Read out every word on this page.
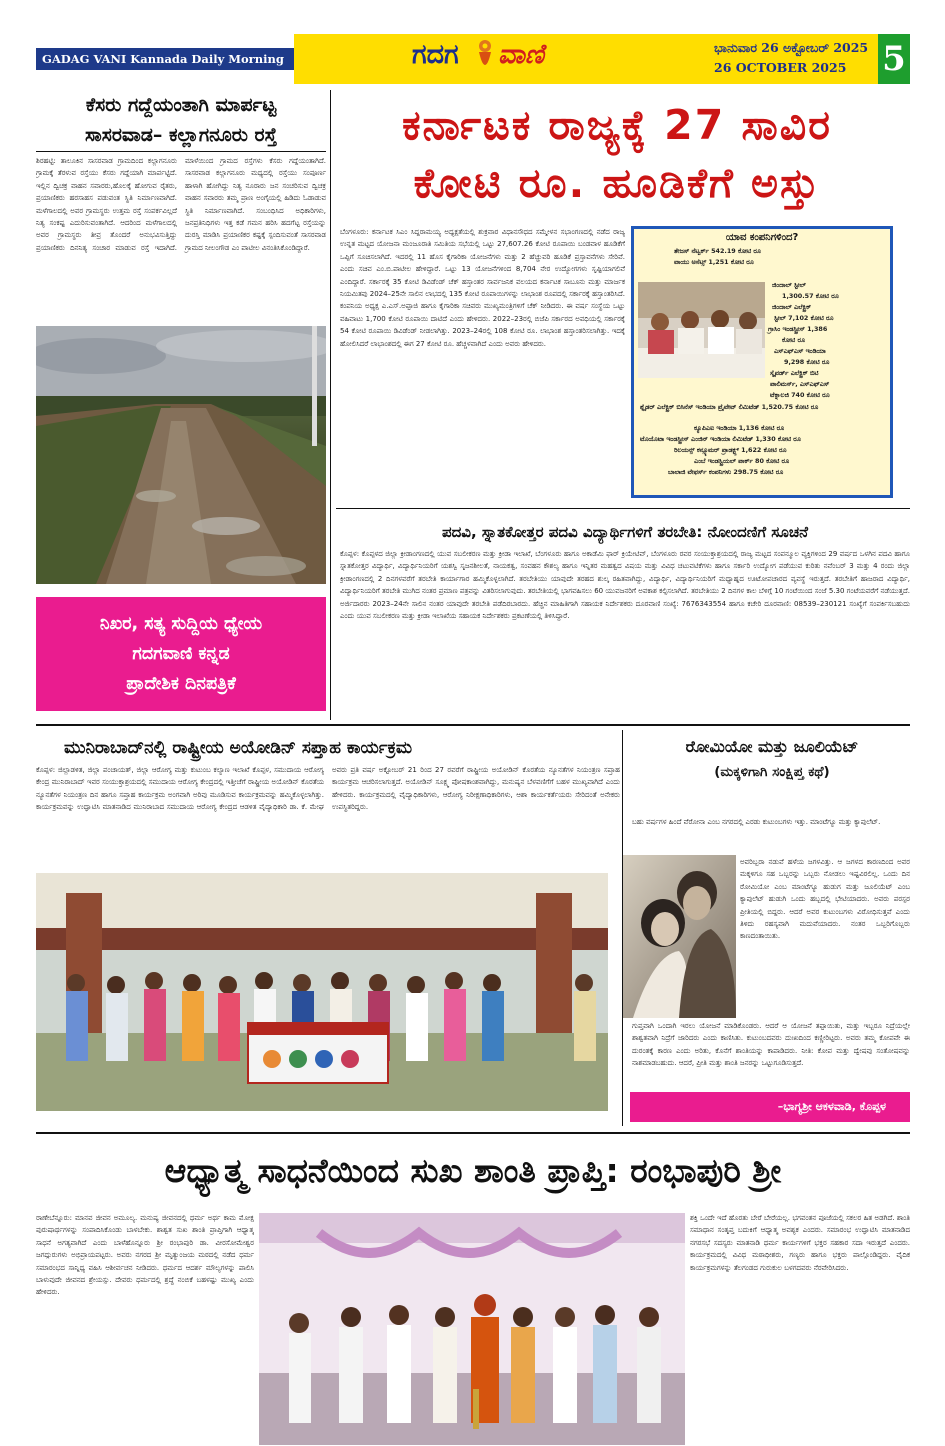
GADAG VANI Kannada Daily Morning	ಗದಗ ವಾಣಿ	ಭಾನುವಾರ 26 ಅಕ್ಟೋಬರ್ 2025
26 OCTOBER 2025	5
ಕೆಸರು ಗದ್ದೆಯಂತಾಗಿ ಮಾರ್ಪಟ್ಟ
ಸಾಸರವಾಡ– ಕಲ್ಲಾಗನೂರು ರಸ್ತೆ
ಶಿರಹಟ್ಟಿ: ತಾಲೂಕಿನ ಸಾಸರವಾಡ ಗ್ರಾಮದಿಂದ ಕಲ್ಲಾಗನೂರು ಗ್ರಾಮಕ್ಕೆ ತೆರಳುವ ರಸ್ತೆಯು ಕೆಸರು ಗದ್ದೆಯಾಗಿ ಮಾರ್ಪಟ್ಟಿದೆ. ಇಲ್ಲಿನ ದ್ವಿಚಕ್ರ ವಾಹನ ಸವಾರರು,ಹೊಲಕ್ಕೆ ಹೋಗುವ ರೈತರು, ಪ್ರಯಾಣಿಕರು ಹರಸಾಹಸ ಪಡುವಂತ ಸ್ಥಿತಿ ನಿರ್ಮಾಣವಾಗಿದೆ. ಮಳೆಗಾಲದಲ್ಲಿ ಅವರ ಗ್ರಾಮಸ್ಥರು ಉತ್ತಮ ರಸ್ತೆ ಸಂಪರ್ಕವಿಲ್ಲದೆ ನಿತ್ಯ ಸಂಕಷ್ಟ ಎದುರಿಸುವಂತಾಗಿದೆ. ಆದರಿಂದ ಮಳೆಗಾಲದಲ್ಲಿ ಅವರ ಗ್ರಾಮಸ್ಥರು ತೀವ್ರ ತೊಂದರೆ ಅನುಭವಿಸುತ್ತಿದ್ದು ಪ್ರಯಾಣಿಕರು ದಿನನಿತ್ಯ ಸಂಚಾರ ಮಾಡುವ ರಸ್ತೆ ಇದಾಗಿದೆ. ಮಾಳೆಯಿಂದ ಗ್ರಾಮದ ರಸ್ತೆಗಳು ಕೆಸರು ಗದ್ದೆಯಂತಾಗಿದೆ. ಸಾಸರವಾಡ ಕಲ್ಲಾಗನೂರು ಮಧ್ಯದಲ್ಲಿ ರಸ್ತೆಯು ಸಂಪೂರ್ಣ ಹಾಳಾಗಿ ಹೋಗಿದ್ದು ನಿತ್ಯ ನೂರಾರು ಜನ ಸಂಚರಿಸುವ ದ್ವಿಚಕ್ರ ವಾಹನ ಸವಾರರು ತಮ್ಮ ಪ್ರಾಣ ಅಂಗೈಯಲ್ಲಿ ಹಿಡಿದು ಓಡಾಡುವ ಸ್ಥಿತಿ ನಿರ್ಮಾಣವಾಗಿದೆ. ಸಂಬಂಧಿಸಿದ ಅಧಿಕಾರಿಗಳು, ಜನಪ್ರತಿನಿಧಿಗಳು ಇತ್ತ ಕಡೆ ಗಮನ ಹರಿಸಿ ಹದಗೆಟ್ಟ ರಸ್ತೆಯನ್ನು ದುರಸ್ತಿ ಮಾಡಿಸಿ ಪ್ರಯಾಣಿಕರ ಕಷ್ಟಕ್ಕೆ ಸ್ಪಂದಿಸುವಂತೆ ಸಾಸರವಾಡ ಗ್ರಾಮದ ನೀಲಂಗೌಡ ಎಂ ಪಾಟೀಲ ವಿನಂತಿಸಿಕೊಂಡಿದ್ದಾರೆ.
ನಿಖರ, ಸತ್ಯ ಸುದ್ದಿಯ ಧ್ಯೇಯ
ಗದಗವಾಣಿ ಕನ್ನಡ
ಪ್ರಾದೇಶಿಕ ದಿನಪತ್ರಿಕೆ
ಕರ್ನಾಟಕ ರಾಜ್ಯಕ್ಕೆ 27 ಸಾವಿರ
ಕೋಟಿ ರೂ. ಹೂಡಿಕೆಗೆ ಅಸ್ತು
ಬೆಂಗಳೂರು: ಕರ್ನಾಟಕ ಸಿಎಂ ಸಿದ್ದರಾಮಯ್ಯ ಅಧ್ಯಕ್ಷತೆಯಲ್ಲಿ ಶುಕ್ರವಾರ ವಿಧಾನಸೌಧದ ಸಮ್ಮೇಳನ ಸಭಾಂಗಣದಲ್ಲಿ ನಡೆದ ರಾಜ್ಯ ಉನ್ನತ ಮಟ್ಟದ ಯೋಜನಾ ಮಂಜೂರಾತಿ ಸಮಿತಿಯ ಸಭೆಯಲ್ಲಿ ಒಟ್ಟು 27,607.26 ಕೋಟಿ ರೂಪಾಯಿ ಬಂಡವಾಳ ಹೂಡಿಕೆಗೆ ಒಪ್ಪಿಗೆ ಸೂಚಿಸಲಾಗಿದೆ. ಇದರಲ್ಲಿ 11 ಹೊಸ ಕೈಗಾರಿಕಾ ಯೋಜನೆಗಳು ಮತ್ತು 2 ಹೆಚ್ಚುವರಿ ಹೂಡಿಕೆ ಪ್ರಸ್ತಾವನೆಗಳು ಸೇರಿವೆ. ಎಂದು ಸಚಿವ ಎಂ.ಬಿ.ಪಾಟೀಲ ಹೇಳಿದ್ದಾರೆ. ಒಟ್ಟು 13 ಯೋಜನೆಗಳಿಂದ 8,704 ನೇರ ಉದ್ಯೋಗಗಳು ಸೃಷ್ಟಿಯಾಗಲಿವೆ ಎಂದಿದ್ದಾರೆ. ಸರ್ಕಾರಕ್ಕೆ 35 ಕೋಟಿ ಡಿವಿಡೆಂಡ್ ಚೆಕ್ ಹಸ್ತಾಂತರ ಸಾರ್ವಜನಿಕ ವಲಯದ ಕರ್ನಾಟಕ ಸಾಬೂನು ಮತ್ತು ಮಾರ್ಜಕ ನಿಯಮಿತವು 2024–25ನೇ ಸಾಲಿನ ಲಾಭದಲ್ಲಿ 135 ಕೋಟಿ ರೂಪಾಯಿಗಳನ್ನು ಲಾಭಾಂಶ ರೂಪದಲ್ಲಿ ಸರ್ಕಾರಕ್ಕೆ ಹಸ್ತಾಂತರಿಸಿದೆ. ಕಂಪನಿಯ ಅಧ್ಯಕ್ಷ ಎ.ಎಸ್.ಅಪ್ಪಾಜಿ ಹಾಗೂ ಕೈಗಾರಿಕಾ ಸಚಿವರು ಮುಖ್ಯಮಂತ್ರಿಗಳಿಗೆ ಚೆಕ್ ನೀಡಿದರು. ಈ ವರ್ಷ ಸಂಸ್ಥೆಯ ಒಟ್ಟು ವಹಿವಾಟು 1,700 ಕೋಟಿ ರೂಪಾಯಿ ದಾಟಿದೆ ಎಂದು ಹೇಳಿದರು. 2022–23ರಲ್ಲಿ ಬಿಜೆಪಿ ಸರ್ಕಾರದ ಅವಧಿಯಲ್ಲಿ ಸರ್ಕಾರಕ್ಕೆ 54 ಕೋಟಿ ರೂಪಾಯಿ ಡಿವಿಡೆಂಡ್ ನೀಡಲಾಗಿತ್ತು. 2023–24ರಲ್ಲಿ 108 ಕೋಟಿ ರೂ. ಲಾಭಾಂಶ ಹಸ್ತಾಂತರಿಸಲಾಗಿತ್ತು. ಇದಕ್ಕೆ ಹೋಲಿಸಿದರೆ ಲಾಭಾಂಶದಲ್ಲಿ ಈಗ 27 ಕೋಟಿ ರೂ. ಹೆಚ್ಚಳವಾಗಿದೆ ಎಂದು ಅವರು ಹೇಳಿದರು.
ಯಾವ ಕಂಪನಿಗಳಿಂದ?
ತೇಜಸ್ ನೆಟ್ವರ್ಕ್ 542.19 ಕೋಟಿ ರೂ
ವಾಯು ಅಸೆಟ್ಸ್ 1,251 ಕೋಟಿ ರೂ
ಜಿಂದಾಲ್ ಸ್ಟೀಲ್
1,300.57 ಕೋಟಿ ರೂ
ಜಿಂದಾಲ್ ಎಲೆಕ್ಟ್ರಿಕ್
ಸ್ಟೀಲ್ 7,102 ಕೋಟಿ ರೂ
ಗ್ರಾಸಿಂ ಇಂಡಸ್ಟ್ರೀಸ್ 1,386
ಕೋಟಿ ರೂ
ಎಸ್ಎಫ್ಎಸ್ ಇಂಡಿಯಾ
9,298 ಕೋಟಿ ರೂ
ಸ್ಕೈವರ್ಡ್ ಎಲೆಕ್ಟ್ರಿಕ್ ಬಿಟಿ
ಪಾಲಿಮರ್ಸ್, ಎಸ್ಎಫ್ಎಸ್
ಟೆಕ್ನಾಲಜಿ 740 ಕೋಟಿ ರೂ
ಶ್ನೈಡರ್ ಎಲೆಕ್ಟ್ರಿಕ್ ಬಿಸಿನೆಸ್ ಇಂಡಿಯಾ ಪ್ರೈವೇಟ್ ಲಿಮಿಟೆಡ್ 1,520.75 ಕೋಟಿ ರೂ
ಕ್ಯೂಪಿಎಐ ಇಂಡಿಯಾ 1,136 ಕೋಟಿ ರೂ
ಟೊಯೊಟಾ ಇಂಡಸ್ಟ್ರೀಸ್ ಎಂಜಿನ್ ಇಂಡಿಯಾ ಲಿಮಿಟೆಡ್ 1,330 ಕೋಟಿ ರೂ
ರಿಲಯನ್ಸ್ ಕನ್ಸ್ಯೂಮರ್ ಪ್ರಾಡಕ್ಟ್ಸ್ 1,622 ಕೋಟಿ ರೂ
ಎಂಬೆ ಇಂಡಸ್ಟ್ರಿಯಲ್ ಪಾರ್ಕ್ 80 ಕೋಟಿ ರೂ
ಬಾಲಾಜಿ ವೇಫರ್ಸ್ ಕಂಪನಿಗಳು 298.75 ಕೋಟಿ ರೂ
ಪದವಿ, ಸ್ನಾತಕೋತ್ತರ ಪದವಿ ವಿದ್ಯಾರ್ಥಿಗಳಿಗೆ ತರಬೇತಿ: ನೋಂದಣಿಗೆ ಸೂಚನೆ
ಕೊಪ್ಪಳ: ಕೊಪ್ಪಳದ ಜಿಲ್ಲಾ ಕ್ರೀಡಾಂಗಣದಲ್ಲಿ ಯುವ ಸಬಲೀಕರಣ ಮತ್ತು ಕ್ರೀಡಾ ಇಲಾಖೆ, ಬೆಂಗಳೂರು ಹಾಗೂ ಅಕಾಡೆಮಿ ಫಾರ್ ಕ್ರಿಯೇಟಿವ್, ಬೆಂಗಳೂರು ರವರ ಸಂಯುಕ್ತಾಶ್ರಯದಲ್ಲಿ ರಾಜ್ಯ ಮಟ್ಟದ ಸಂಪನ್ಮೂಲ ವ್ಯಕ್ತಿಗಳಿಂದ 29 ವರ್ಷದ ಒಳಗಿನ ಪದವಿ ಹಾಗೂ ಸ್ನಾತಕೋತ್ತರ ವಿದ್ಯಾರ್ಥಿ, ವಿದ್ಯಾರ್ಥಿನಿಯರಿಗೆ ಯಶಸ್ವಿ ಸೃಜನಶೀಲತೆ, ನಾಯಕತ್ವ, ಸಂವಹನ ಕೌಶಲ್ಯ ಹಾಗೂ ಇನ್ನಿತರ ಮಹತ್ವದ ವಿಷಯ ಮತ್ತು ವಿವಿಧ ಚಟುವಟಿಕೆಗಳು ಹಾಗೂ ಸರ್ಕಾರಿ ಉದ್ಯೋಗ ಪಡೆಯುವ ಕುರಿತು ನವೆಂಬರ್ 3 ಮತ್ತು 4 ರಂದು ಜಿಲ್ಲಾ ಕ್ರೀಡಾಂಗಣದಲ್ಲಿ 2 ದಿನಗಳವರೆಗೆ ತರಬೇತಿ ಕಾರ್ಯಾಗಾರ ಹಮ್ಮಿಕೊಳ್ಳಲಾಗಿದೆ. ತರಬೇತಿಯು ಯಾವುದೇ ತರಹದ ಶುಲ್ಕ ರಹಿತವಾಗಿದ್ದು, ವಿದ್ಯಾರ್ಥಿ, ವಿದ್ಯಾರ್ಥಿನಿಯರಿಗೆ ಮಧ್ಯಾಹ್ನದ ಊಟೋಪಚಾರದ ವ್ಯವಸ್ಥೆ ಇರುತ್ತದೆ. ತರಬೇತಿಗೆ ಹಾಜರಾದ ವಿದ್ಯಾರ್ಥಿ, ವಿದ್ಯಾರ್ಥಿನಿಯರಿಗೆ ತರಬೇತಿ ಮುಗಿದ ನಂತರ ಪ್ರಮಾಣ ಪತ್ರವನ್ನು ವಿತರಿಸಲಾಗುವುದು. ತರಬೇತಿಯಲ್ಲಿ ಭಾಗವಹಿಸಲು 60 ಯುವಜನರಿಗೆ ಅವಕಾಶ ಕಲ್ಪಿಸಲಾಗಿದೆ. ತರಬೇತಿಯು 2 ದಿನಗಳ ಕಾಲ ಬೆಳಿಗ್ಗೆ 10 ಗಂಟೆಯಿಂದ ಸಂಜೆ 5.30 ಗಂಟೆಯವರೆಗೆ ನಡೆಯುತ್ತದೆ. ಅರ್ಜಿದಾರರು 2023–24ನೇ ಸಾಲಿನ ನಂತರ ಯಾವುದೇ ತರಬೇತಿ ಪಡೆದಿರಬಾರದು. ಹೆಚ್ಚಿನ ಮಾಹಿತಿಗಾಗಿ ಸಹಾಯಕ ನಿರ್ದೇಶಕರು ದೂರವಾಣಿ ಸಂಖ್ಯೆ: 7676343554 ಹಾಗೂ ಕಚೇರಿ ದೂರವಾಣಿ: 08539–230121 ಸಂಖ್ಯೆಗೆ ಸಂಪರ್ಕಿಸಬಹುದು ಎಂದು ಯುವ ಸಬಲೀಕರಣ ಮತ್ತು ಕ್ರೀಡಾ ಇಲಾಖೆಯ ಸಹಾಯಕ ನಿರ್ದೇಶಕರು ಪ್ರಕಟಣೆಯಲ್ಲಿ ತಿಳಿಸಿದ್ದಾರೆ.
ಮುನಿರಾಬಾದ್‌ನಲ್ಲಿ ರಾಷ್ಟ್ರೀಯ ಅಯೋಡಿನ್ ಸಪ್ತಾಹ ಕಾರ್ಯಕ್ರಮ
ಕೊಪ್ಪಳ: ಜಿಲ್ಲಾಡಳಿತ, ಜಿಲ್ಲಾ ಪಂಚಾಯತ್, ಜಿಲ್ಲಾ ಆರೋಗ್ಯ ಮತ್ತು ಕುಟುಂಬ ಕಲ್ಯಾಣ ಇಲಾಖೆ ಕೊಪ್ಪಳ, ಸಮುದಾಯ ಆರೋಗ್ಯ ಕೇಂದ್ರ ಮುನಿರಾಬಾದ್ ಇವರ ಸಂಯುಕ್ತಾಶ್ರಯದಲ್ಲಿ ಸಮುದಾಯ ಆರೋಗ್ಯ ಕೇಂದ್ರದಲ್ಲಿ ಇತ್ತೀಚೆಗೆ ರಾಷ್ಟ್ರೀಯ ಅಯೋಡಿನ್ ಕೊರತೆಯ ನ್ಯೂನತೆಗಳ ನಿಯಂತ್ರಣ ದಿನ ಹಾಗೂ ಸಪ್ತಾಹ ಕಾರ್ಯಕ್ರಮ ಅಂಗವಾಗಿ ಅರಿವು ಮೂಡಿಸುವ ಕಾರ್ಯಕ್ರಮವನ್ನು ಹಮ್ಮಿಕೊಳ್ಳಲಾಗಿತ್ತು. ಕಾರ್ಯಕ್ರಮವನ್ನು ಉದ್ಘಾಟಿಸಿ ಮಾತನಾಡಿದ ಮುನಿರಾಬಾದ ಸಮುದಾಯ ಆರೋಗ್ಯ ಕೇಂದ್ರದ ಆಡಳಿತ ವೈದ್ಯಾಧಿಕಾರಿ ಡಾ. ಕೆ. ಮೇಘ ಅವರು ಪ್ರತಿ ವರ್ಷ ಅಕ್ಟೋಬರ್ 21 ರಿಂದ 27 ರವರೆಗೆ ರಾಷ್ಟ್ರೀಯ ಅಯೋಡಿನ್ ಕೊರತೆಯ ನ್ಯೂನತೆಗಳ ನಿಯಂತ್ರಣ ಸಪ್ತಾಹ ಕಾರ್ಯಕ್ರಮ ಆಚರಿಸಲಾಗುತ್ತದೆ. ಅಯೋಡಿನ್ ಸೂಕ್ಷ್ಮ ಪೋಷಕಾಂಶವಾಗಿದ್ದು, ಮನುಷ್ಯನ ಬೆಳವಣಿಗೆಗೆ ಬಹಳ ಮುಖ್ಯವಾಗಿದೆ ಎಂದು ಹೇಳಿದರು. ಕಾರ್ಯಕ್ರಮದಲ್ಲಿ ವೈದ್ಯಾಧಿಕಾರಿಗಳು, ಆರೋಗ್ಯ ನಿರೀಕ್ಷಣಾಧಿಕಾರಿಗಳು, ಆಶಾ ಕಾರ್ಯಕರ್ತೆಯರು ಸೇರಿದಂತೆ ಅನೇಕರು ಉಪಸ್ಥಿತರಿದ್ದರು.
ರೋಮಿಯೋ ಮತ್ತು ಜೂಲಿಯೆಟ್
(ಮಕ್ಕಳಿಗಾಗಿ ಸಂಕ್ಷಿಪ್ತ ಕಥೆ)
ಬಹು ವರ್ಷಗಳ ಹಿಂದೆ ವೆರೋನಾ ಎಂಬ ನಗರದಲ್ಲಿ ಎರಡು ಕುಟುಂಬಗಳು ಇತ್ತು. ಮಾಂಟೆಗ್ಯೂ ಮತ್ತು ಕ್ಯಾಪುಲೆಟ್.
ಅವರಿಬ್ಬರಾ ನಡುವೆ ಹಳೆಯ ಜಗಳವಿತ್ತು. ಆ ಜಗಳದ ಕಾರಣದಿಂದ ಅವರ ಮಕ್ಕಳಿಗೂ ಸಹ ಒಬ್ಬರನ್ನು ಒಬ್ಬರು ನೋಡಲು ಇಷ್ಟವಿರಲಿಲ್ಲ. ಒಂದು ದಿನ ರೋಮಿಯೋ ಎಂಬ ಮಾಂಟೆಗ್ಯೂ ಹುಡುಗ ಮತ್ತು ಜೂಲಿಯೆಟ್ ಎಂಬ ಕ್ಯಾಪುಲೆಟ್ ಹುಡುಗಿ ಒಂದು ಹಬ್ಬದಲ್ಲಿ ಭೇಟಿಯಾದರು. ಅವರು ಪರಸ್ಪರ ಪ್ರೀತಿಯಲ್ಲಿ ಬಿದ್ದರು. ಆದರೆ ಅವರ ಕುಟುಂಬಗಳು ವಿರೋಧಿಸುತ್ತವೆ ಎಂದು ತಿಳಿದು ರಹಸ್ಯವಾಗಿ ಮದುವೆಯಾದರು. ನಂತರ ಒಬ್ಬರಿಗೊಬ್ಬರು ಕಾಣದಂತಾಯಿತು.
ಗುಪ್ತವಾಗಿ ಒಂದಾಗಿ ಇರಲು ಯೋಜನೆ ಮಾಡಿಕೊಂಡರು. ಆದರೆ ಆ ಯೋಜನೆ ತಪ್ಪಾಯಿತು, ಮತ್ತು ಇಬ್ಬರೂ ನಿದ್ರೆಯಲ್ಲೇ ಶಾಶ್ವತವಾಗಿ ನಿದ್ರೆಗೆ ಜಾರಿದರು ಎಂದು ಕಾಣಿಸಿತು. ಕುಟುಂಬದವರು ದುಃಖದಿಂದ ಕಣ್ಣೀರಿಟ್ಟರು. ಅವರು ತಮ್ಮ ಕೋಪವೇ ಈ ದುರಂತಕ್ಕೆ ಕಾರಣ ಎಂದು ಅರಿತು, ಕೊನೆಗೆ ಶಾಂತಿಯನ್ನು ಕಾಪಾಡಿದರು. ನೀತಿ: ಕೋಪ ಮತ್ತು ದ್ವೇಷವು ಸಂತೋಷವನ್ನು ನಾಶಮಾಡಬಹುದು. ಆದರೆ, ಪ್ರೀತಿ ಮತ್ತು ಶಾಂತಿ ಜನರನ್ನು ಒಟ್ಟುಗೂಡಿಸುತ್ತದೆ.
–ಭಾಗ್ಯಶ್ರೀ ಆಕಳವಾಡಿ, ಕೊಪ್ಪಳ
ಆಧ್ಯಾತ್ಮ ಸಾಧನೆಯಿಂದ ಸುಖ ಶಾಂತಿ ಪ್ರಾಪ್ತಿ: ರಂಭಾಪುರಿ ಶ್ರೀ
ರಾಣೇಬೆನ್ನೂರು: ಮಾನವ ಜೀವನ ಅಮೂಲ್ಯ. ಮನುಷ್ಯ ಜೀವನದಲ್ಲಿ ಧರ್ಮ ಅರ್ಥ ಕಾಮ ಮೋಕ್ಷ ಪುರುಷಾರ್ಥಗಳನ್ನು ಸಂಪಾದಿಸಿಕೊಂಡು ಬಾಳಬೇಕು. ಶಾಶ್ವತ ಸುಖ ಶಾಂತಿ ಪ್ರಾಪ್ತಿಗಾಗಿ ಆಧ್ಯಾತ್ಮ ಸಾಧನೆ ಅಗತ್ಯವಾಗಿದೆ ಎಂದು ಬಾಳೆಹೊನ್ನೂರು ಶ್ರೀ ರಂಭಾಪುರಿ ಡಾ. ವೀರಸೋಮೇಶ್ವರ ಜಗದ್ಗುರುಗಳು ಅಭಿಪ್ರಾಯಪಟ್ಟರು. ಅವರು ನಗರದ ಶ್ರೀ ಮೃತ್ಯುಂಜಯ ಮಠದಲ್ಲಿ ನಡೆದ ಧರ್ಮ ಸಮಾರಂಭದ ಸಾನ್ನಿಧ್ಯ ವಹಿಸಿ ಆಶೀರ್ವಚನ ನೀಡಿದರು. ಧರ್ಮದ ಆದರ್ಶ ಮೌಲ್ಯಗಳನ್ನು ಪಾಲಿಸಿ ಬಾಳುವುದೇ ಜೀವನದ ಶ್ರೇಯಸ್ಸು. ದೇವರು ಧರ್ಮದಲ್ಲಿ ಶ್ರದ್ಧೆ ನಂಬಿಕೆ ಬಹಳಷ್ಟು ಮುಖ್ಯ ಎಂದು ಹೇಳಿದರು.
ಶಕ್ತಿ ಒಂದೇ ಇದೆ ಹೊರತು ಬೇರೆ ಬೇರೆಯಲ್ಲ. ಭಗವಂತನ ಪೂಜೆಯಲ್ಲಿ ಸಕಲರ ಹಿತ ಅಡಗಿದೆ. ಶಾಂತಿ ಸಮಾಧಾನ ಸಂತೃಪ್ತ ಬದುಕಿಗೆ ಆಧ್ಯಾತ್ಮ ಅವಶ್ಯಕ ಎಂದರು. ಸಮಾರಂಭ ಉದ್ಘಾಟಿಸಿ ಮಾತನಾಡಿದ ನಗರಸಭೆ ಸದಸ್ಯರು ಮಾತನಾಡಿ ಧರ್ಮ ಕಾರ್ಯಗಳಿಗೆ ಭಕ್ತರ ಸಹಕಾರ ಸದಾ ಇರುತ್ತದೆ ಎಂದರು. ಕಾರ್ಯಕ್ರಮದಲ್ಲಿ ವಿವಿಧ ಮಠಾಧೀಶರು, ಗಣ್ಯರು ಹಾಗೂ ಭಕ್ತರು ಪಾಲ್ಗೊಂಡಿದ್ದರು. ವೈದಿಕ ಕಾರ್ಯಕ್ರಮಗಳನ್ನು ತೆಲಗಂಡದ ಗುರುಕುಲ ಬಳಗದವರು ನೆರವೇರಿಸಿದರು.
